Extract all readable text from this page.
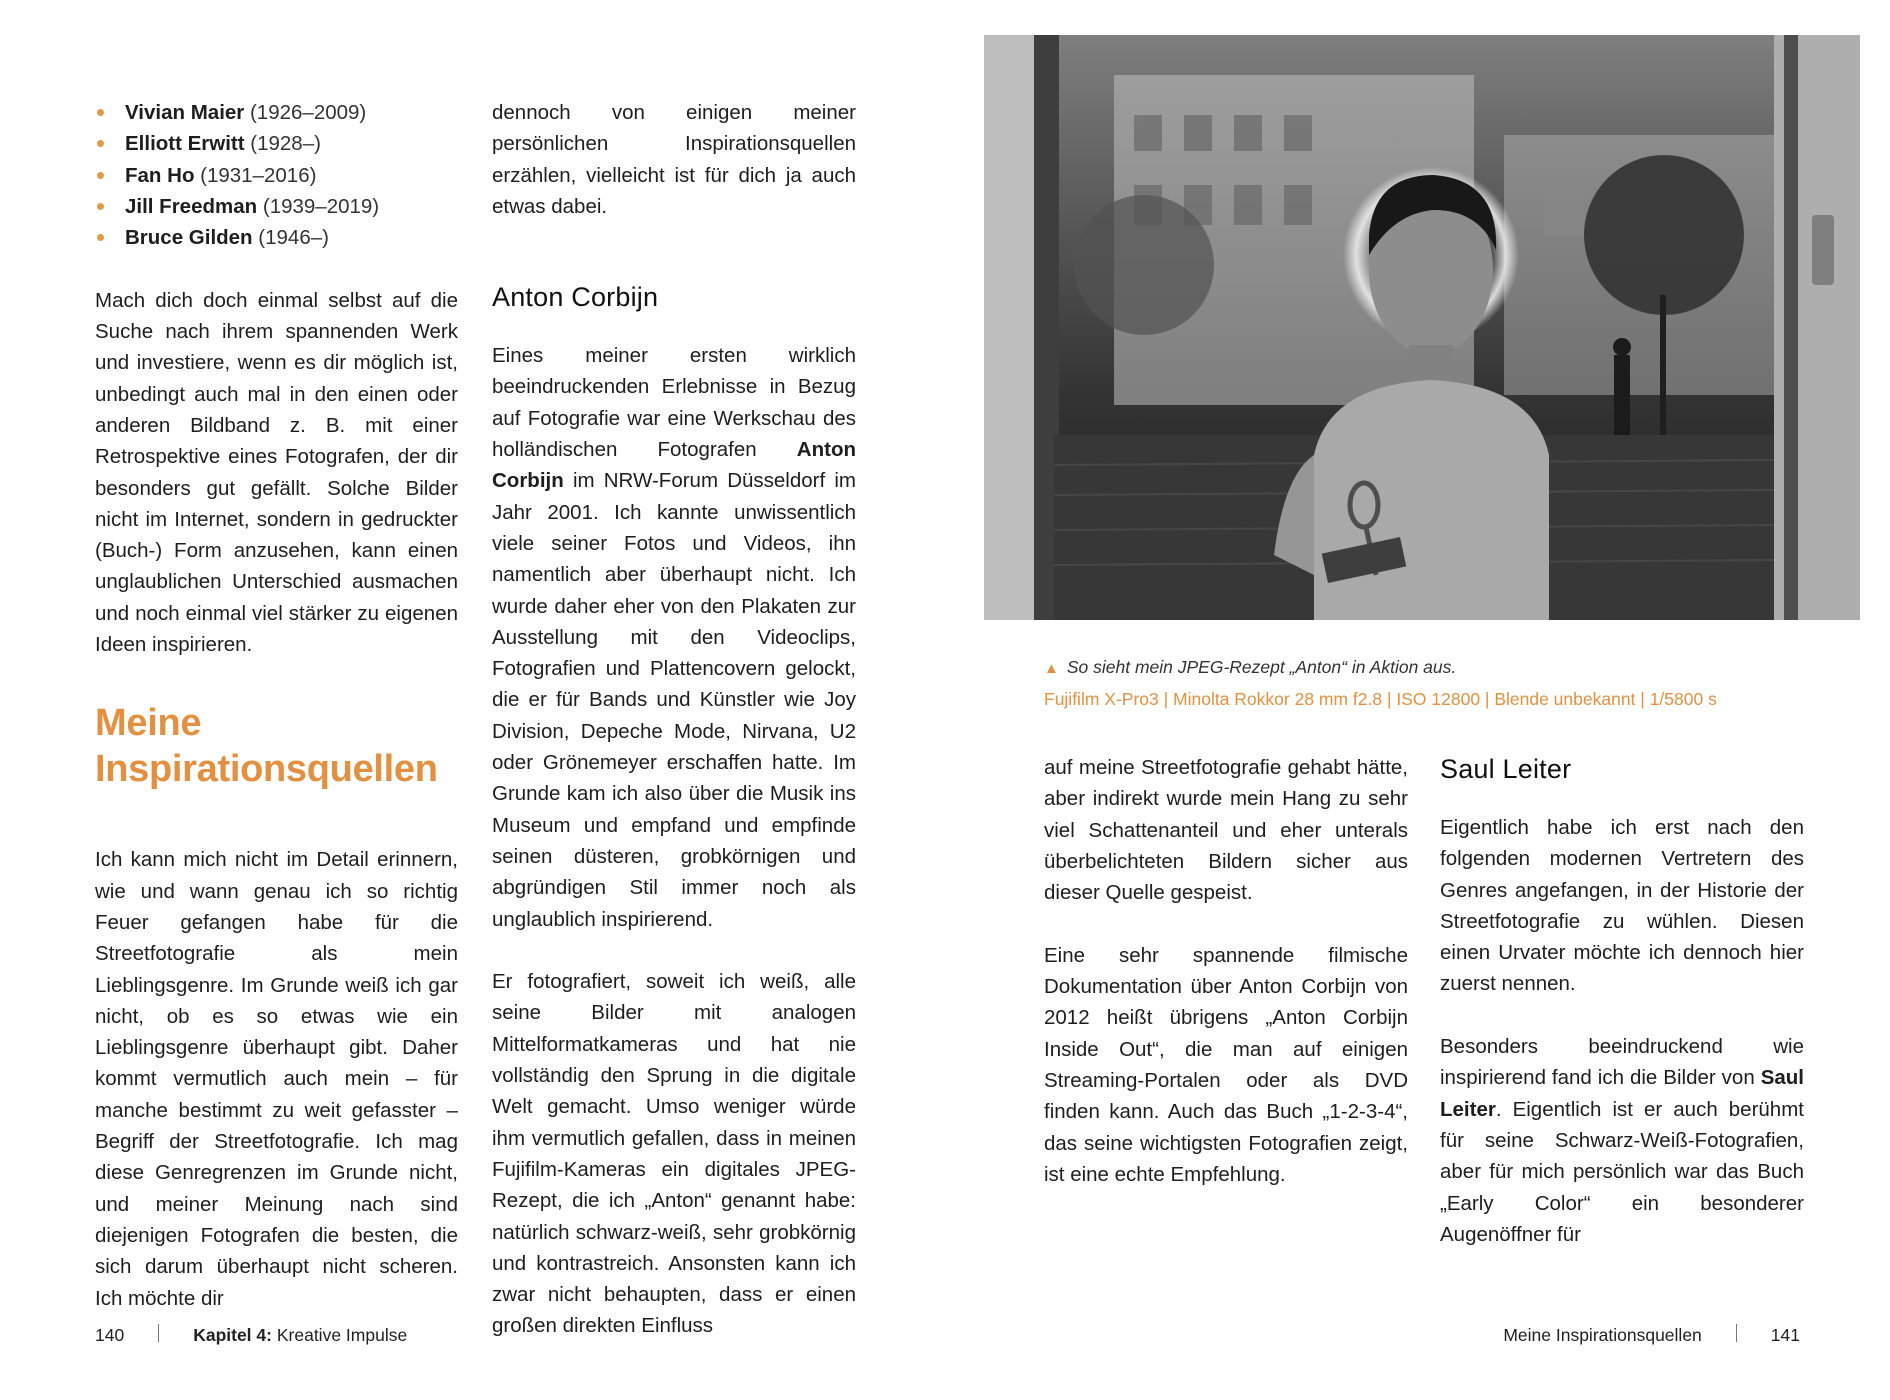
Vivian Maier (1926–2009)
Elliott Erwitt (1928–)
Fan Ho (1931–2016)
Jill Freedman (1939–2019)
Bruce Gilden (1946–)

Mach dich doch einmal selbst auf die Suche nach ihrem spannenden Werk und investiere, wenn es dir möglich ist, unbedingt auch mal in den einen oder anderen Bildband z. B. mit einer Retrospektive eines Fotografen, der dir besonders gut gefällt. Solche Bilder nicht im Internet, sondern in gedruckter (Buch-) Form anzusehen, kann einen unglaublichen Unterschied ausmachen und noch einmal viel stärker zu eigenen Ideen inspirieren.

Meine Inspirationsquellen

Ich kann mich nicht im Detail erinnern, wie und wann genau ich so richtig Feuer gefangen habe für die Streetfotografie als mein Lieblingsgenre. Im Grunde weiß ich gar nicht, ob es so etwas wie ein Lieblingsgenre überhaupt gibt. Daher kommt vermutlich auch mein – für manche bestimmt zu weit gefasster – Begriff der Streetfotografie. Ich mag diese Genregrenzen im Grunde nicht, und meiner Meinung nach sind diejenigen Fotografen die besten, die sich darum überhaupt nicht scheren. Ich möchte dir

dennoch von einigen meiner persönlichen Inspirationsquellen erzählen, vielleicht ist für dich ja auch etwas dabei.

Anton Corbijn

Eines meiner ersten wirklich beeindruckenden Erlebnisse in Bezug auf Fotografie war eine Werkschau des holländischen Fotografen Anton Corbijn im NRW-Forum Düsseldorf im Jahr 2001. Ich kannte unwissentlich viele seiner Fotos und Videos, ihn namentlich aber überhaupt nicht. Ich wurde daher eher von den Plakaten zur Ausstellung mit den Videoclips, Fotografien und Plattencovern gelockt, die er für Bands und Künstler wie Joy Division, Depeche Mode, Nirvana, U2 oder Grönemeyer erschaffen hatte. Im Grunde kam ich also über die Musik ins Museum und empfand und empfinde seinen düsteren, grobkörnigen und abgründigen Stil immer noch als unglaublich inspirierend.

Er fotografiert, soweit ich weiß, alle seine Bilder mit analogen Mittelformatkameras und hat nie vollständig den Sprung in die digitale Welt gemacht. Umso weniger würde ihm vermutlich gefallen, dass in meinen Fujifilm-Kameras ein digitales JPEG-Rezept, die ich „Anton“ genannt habe: natürlich schwarz-weiß, sehr grobkörnig und kontrastreich. Ansonsten kann ich zwar nicht behaupten, dass er einen großen direkten Einfluss

140	Kapitel 4: Kreative Impulse
▲ So sieht mein JPEG-Rezept „Anton“ in Aktion aus.
Fujifilm X-Pro3 | Minolta Rokkor 28 mm f2.8 | ISO 12800 | Blende unbekannt | 1/5800 s

auf meine Streetfotografie gehabt hätte, aber indirekt wurde mein Hang zu sehr viel Schattenanteil und eher unterals überbelichteten Bildern sicher aus dieser Quelle gespeist.

Eine sehr spannende filmische Dokumentation über Anton Corbijn von 2012 heißt übrigens „Anton Corbijn Inside Out“, die man auf einigen Streaming-Portalen oder als DVD finden kann. Auch das Buch „1-2-3-4“, das seine wichtigsten Fotografien zeigt, ist eine echte Empfehlung.

Saul Leiter

Eigentlich habe ich erst nach den folgenden modernen Vertretern des Genres angefangen, in der Historie der Streetfotografie zu wühlen. Diesen einen Urvater möchte ich dennoch hier zuerst nennen.

Besonders beeindruckend wie inspirierend fand ich die Bilder von Saul Leiter. Eigentlich ist er auch berühmt für seine Schwarz-Weiß-Fotografien, aber für mich persönlich war das Buch „Early Color“ ein besonderer Augenöffner für

Meine Inspirationsquellen	141
